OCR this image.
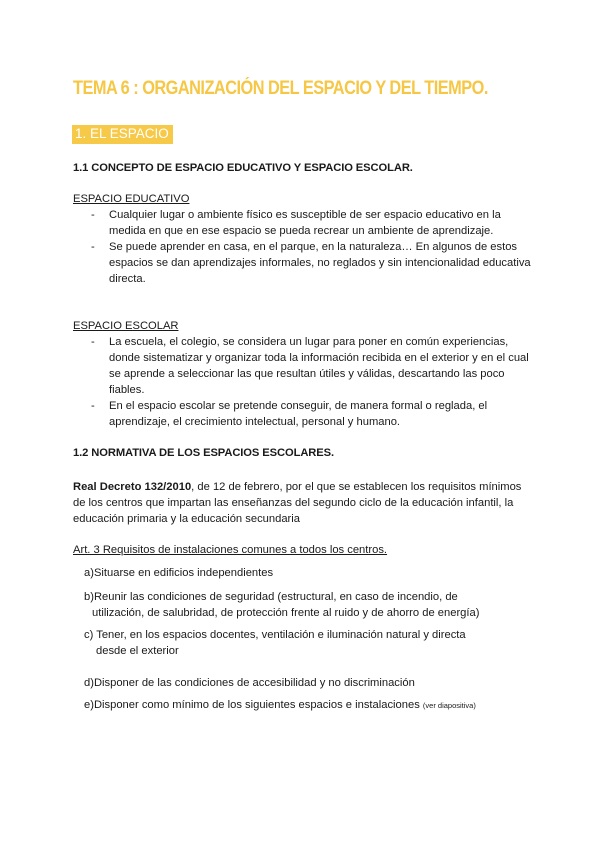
TEMA 6 : ORGANIZACIÓN DEL ESPACIO Y DEL TIEMPO.
1. EL ESPACIO
1.1 CONCEPTO DE ESPACIO EDUCATIVO Y ESPACIO ESCOLAR.
ESPACIO EDUCATIVO
- Cualquier lugar o ambiente físico es susceptible de ser espacio educativo en la medida en que en ese espacio se pueda recrear un ambiente de aprendizaje.
- Se puede aprender en casa, en el parque, en la naturaleza… En algunos de estos espacios se dan aprendizajes informales, no reglados y sin intencionalidad educativa directa.
ESPACIO ESCOLAR
- La escuela, el colegio, se considera un lugar para poner en común experiencias, donde sistematizar y organizar toda la información recibida en el exterior y en el cual se aprende a seleccionar las que resultan útiles y válidas, descartando las poco fiables.
- En el espacio escolar se pretende conseguir, de manera formal o reglada, el aprendizaje, el crecimiento intelectual, personal y humano.
1.2 NORMATIVA DE LOS ESPACIOS ESCOLARES.
Real Decreto 132/2010, de 12 de febrero, por el que se establecen los requisitos mínimos de los centros que impartan las enseñanzas del segundo ciclo de la educación infantil, la educación primaria y la educación secundaria
Art. 3 Requisitos de instalaciones comunes a todos los centros.
a)Situarse en edificios independientes
b)Reunir las condiciones de seguridad (estructural, en caso de incendio, de
utilización, de salubridad, de protección frente al ruido y de ahorro de energía)
c) Tener, en los espacios docentes, ventilación e iluminación natural y directa
desde el exterior
d)Disponer de las condiciones de accesibilidad y no discriminación
e)Disponer como mínimo de los siguientes espacios e instalaciones (ver diapositiva)
